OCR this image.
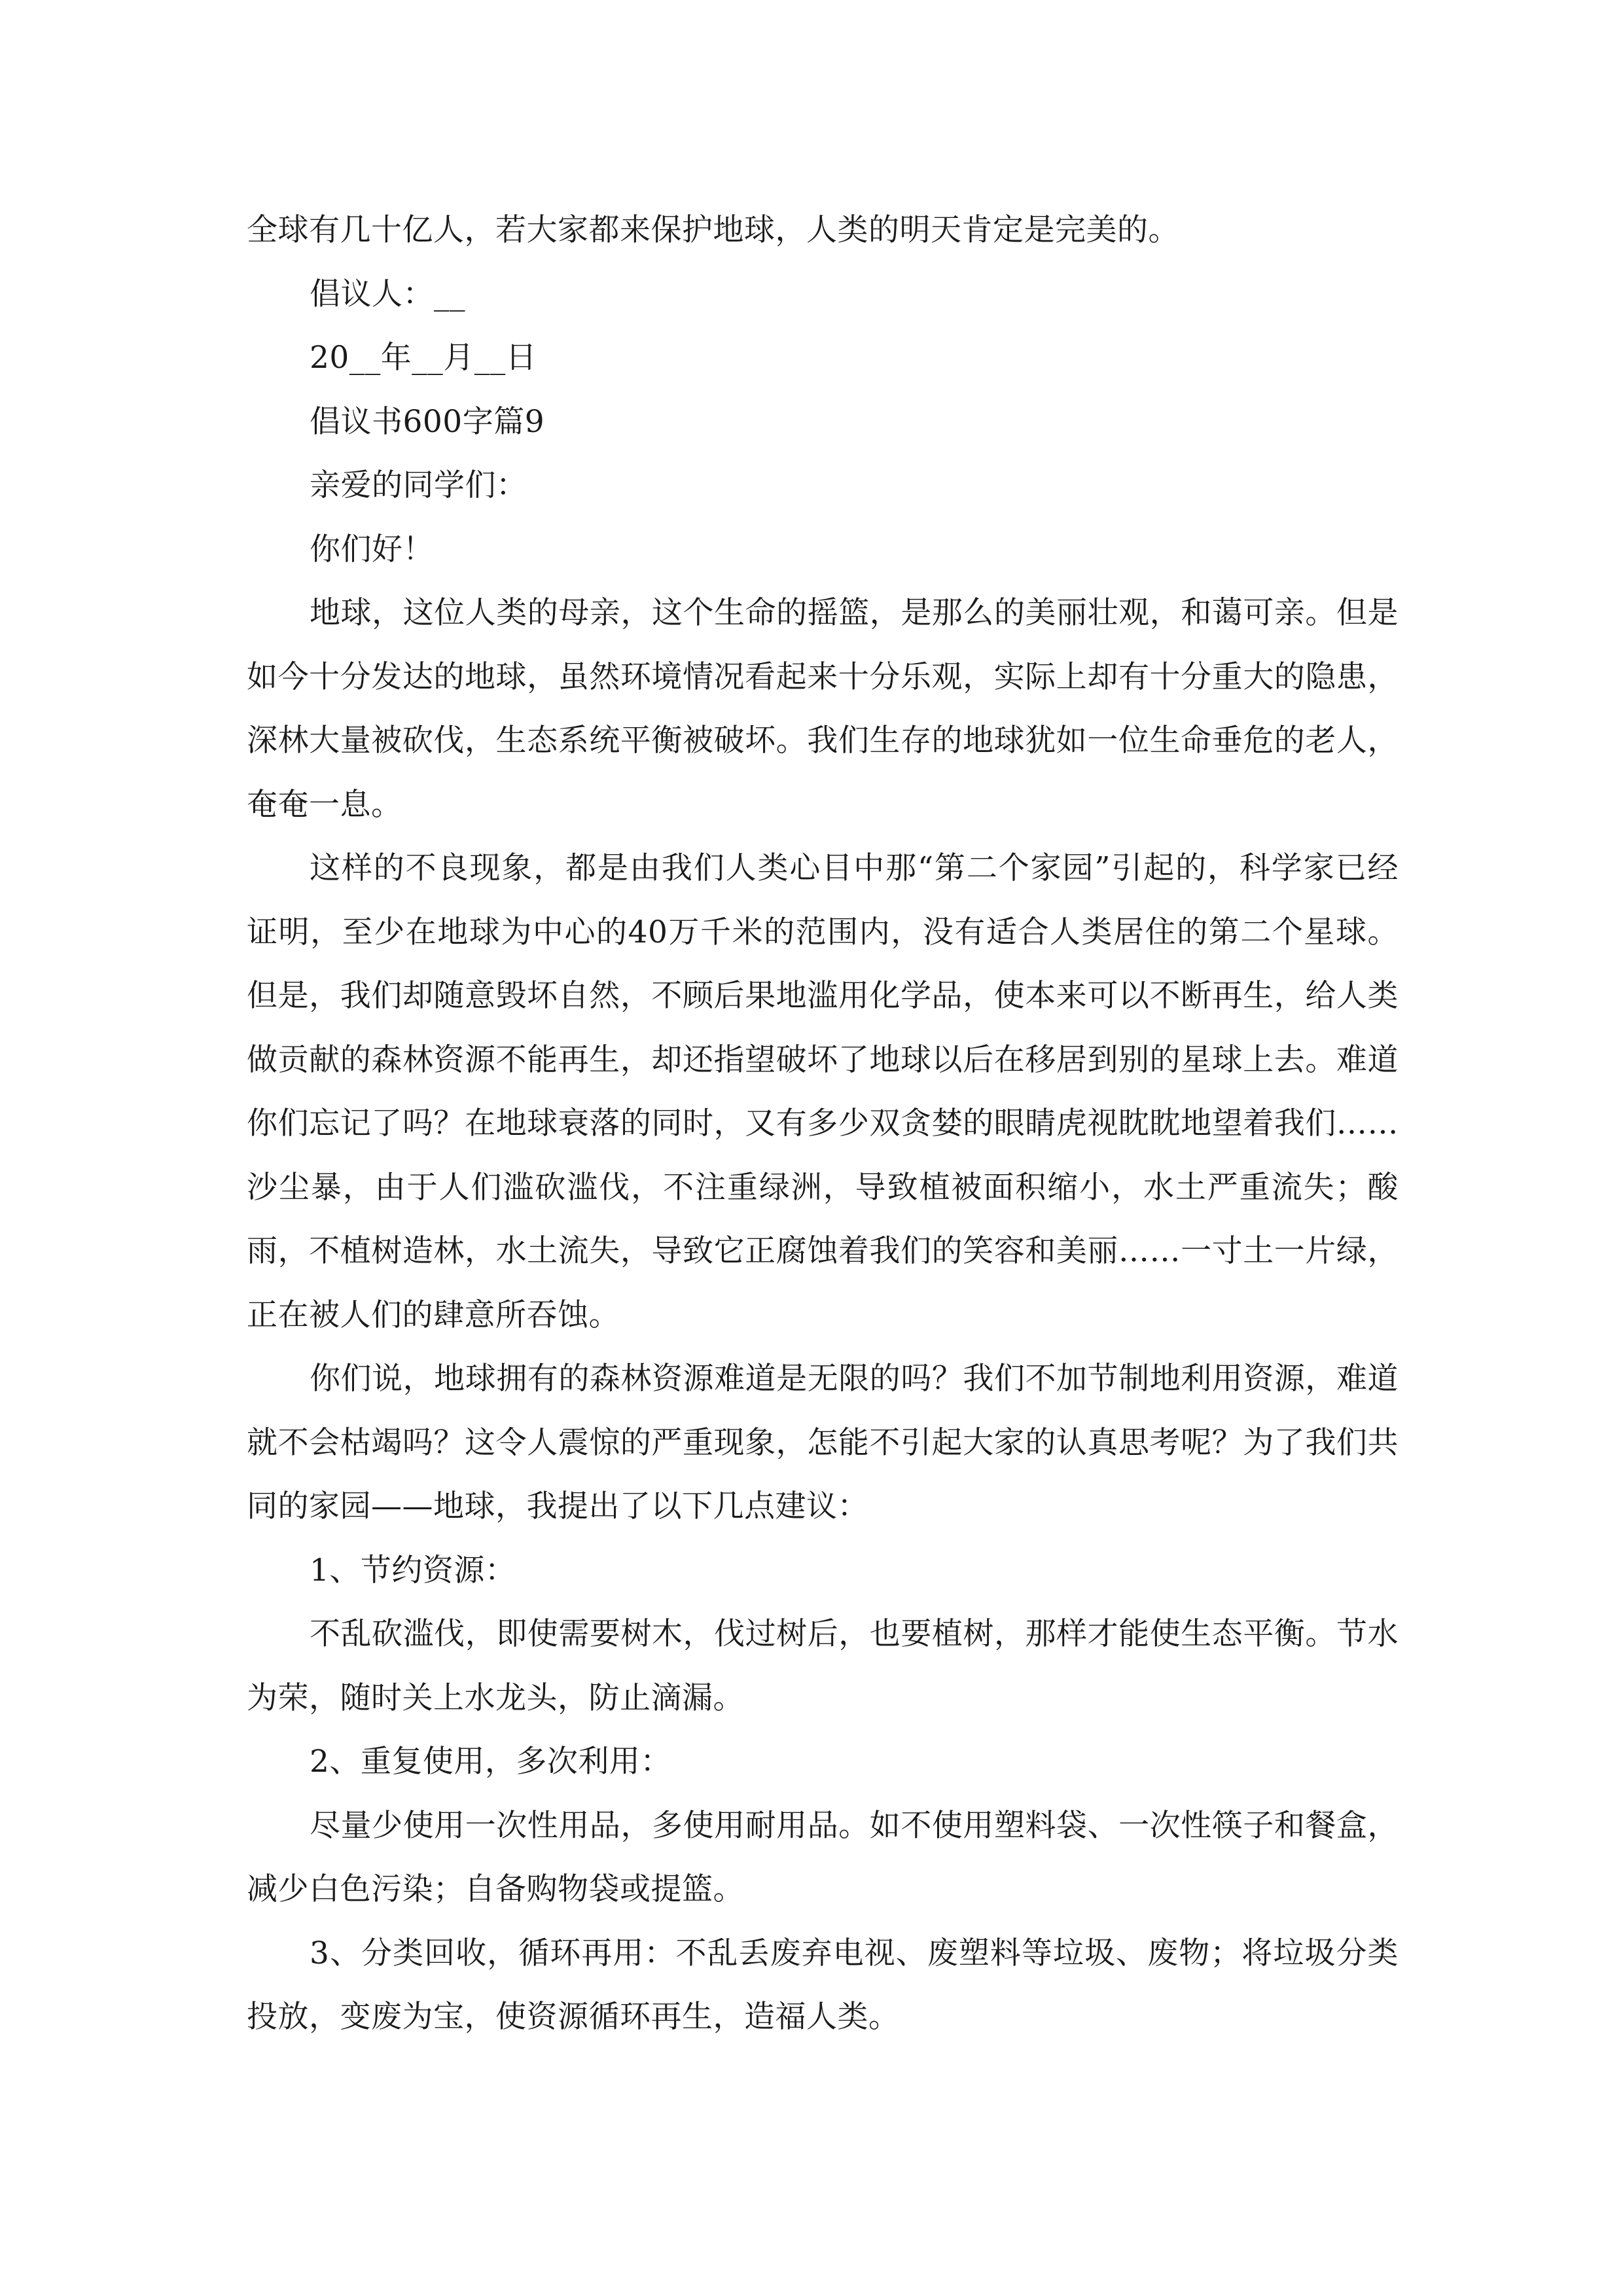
全球有几十亿人，若大家都来保护地球，人类的明天肯定是完美的。

倡议人：__

20__年__月__日

倡议书600字篇9

亲爱的同学们：

你们好！

地球，这位人类的母亲，这个生命的摇篮，是那么的美丽壮观，和蔼可亲。但是如今十分发达的地球，虽然环境情况看起来十分乐观，实际上却有十分重大的隐患，深林大量被砍伐，生态系统平衡被破坏。我们生存的地球犹如一位生命垂危的老人，奄奄一息。

这样的不良现象，都是由我们人类心目中那“第二个家园”引起的，科学家已经证明，至少在地球为中心的40万千米的范围内，没有适合人类居住的第二个星球。但是，我们却随意毁坏自然，不顾后果地滥用化学品，使本来可以不断再生，给人类做贡献的森林资源不能再生，却还指望破坏了地球以后在移居到别的星球上去。难道你们忘记了吗？在地球衰落的同时，又有多少双贪婪的眼睛虎视眈眈地望着我们……沙尘暴，由于人们滥砍滥伐，不注重绿洲，导致植被面积缩小，水土严重流失；酸雨，不植树造林，水土流失，导致它正腐蚀着我们的笑容和美丽……一寸土一片绿，正在被人们的肆意所吞蚀。

你们说，地球拥有的森林资源难道是无限的吗？我们不加节制地利用资源，难道就不会枯竭吗？这令人震惊的严重现象，怎能不引起大家的认真思考呢？为了我们共同的家园——地球，我提出了以下几点建议：

1、节约资源：

不乱砍滥伐，即使需要树木，伐过树后，也要植树，那样才能使生态平衡。节水为荣，随时关上水龙头，防止滴漏。

2、重复使用，多次利用：

尽量少使用一次性用品，多使用耐用品。如不使用塑料袋、一次性筷子和餐盒，减少白色污染；自备购物袋或提篮。

3、分类回收，循环再用：不乱丢废弃电视、废塑料等垃圾、废物；将垃圾分类投放，变废为宝，使资源循环再生，造福人类。
